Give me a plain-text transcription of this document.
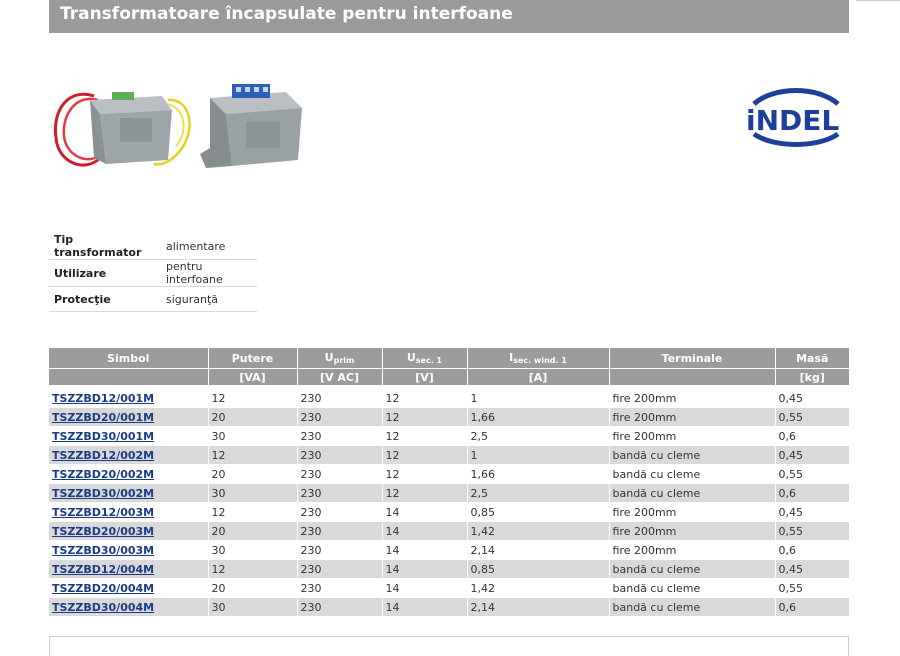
Transformatoare încapsulate pentru interfoane
iNDEL
Tip transformator	alimentare
Utilizare	pentru interfoane
Protecţie	siguranţă
Simbol	Putere	$U_{prim}$	$U_{sec. 1}$	$I_{sec. wind. 1}$	Terminale	Masă
	[VA]	[V AC]	[V]	[A]		[kg]

TSZZBD12/001M	12	230	12	1	fire 200mm	0,45
TSZZBD20/001M	20	230	12	1,66	fire 200mm	0,55
TSZZBD30/001M	30	230	12	2,5	fire 200mm	0,6
TSZZBD12/002M	12	230	12	1	bandă cu cleme	0,45
TSZZBD20/002M	20	230	12	1,66	bandă cu cleme	0,55
TSZZBD30/002M	30	230	12	2,5	bandă cu cleme	0,6
TSZZBD12/003M	12	230	14	0,85	fire 200mm	0,45
TSZZBD20/003M	20	230	14	1,42	fire 200mm	0,55
TSZZBD30/003M	30	230	14	2,14	fire 200mm	0,6
TSZZBD12/004M	12	230	14	0,85	bandă cu cleme	0,45
TSZZBD20/004M	20	230	14	1,42	bandă cu cleme	0,55
TSZZBD30/004M	30	230	14	2,14	bandă cu cleme	0,6
